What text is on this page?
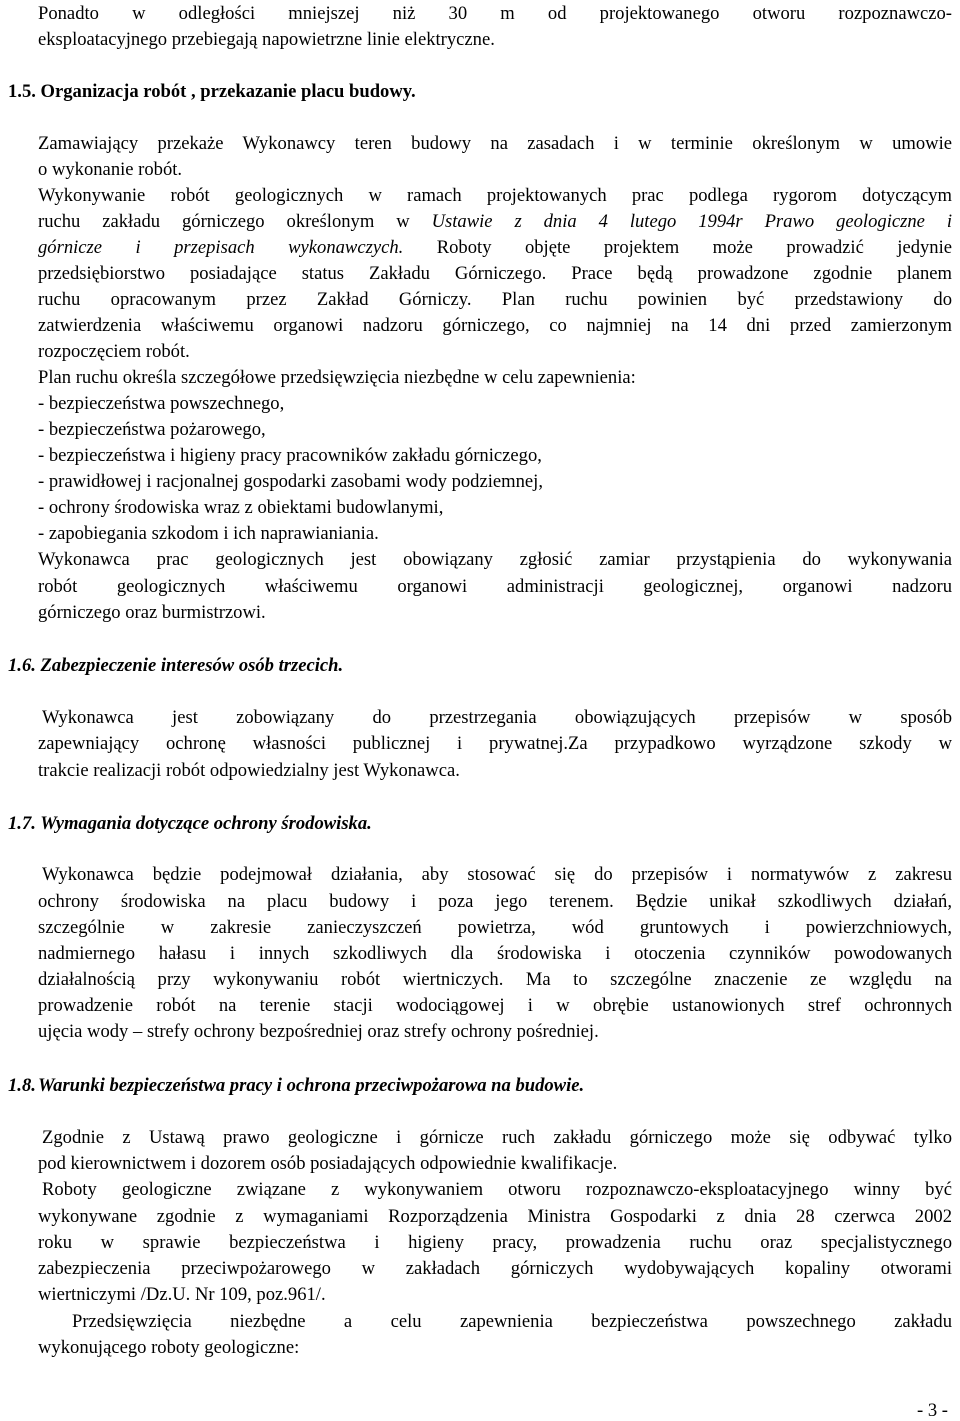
Ponadto w odległości mniejszej niż 30 m od projektowanego otworu rozpoznawczo-
eksploatacyjnego przebiegają napowietrzne linie elektryczne.
1.5. Organizacja robót , przekazanie placu budowy.
Zamawiający przekaże Wykonawcy teren budowy na zasadach i w terminie określonym w umowie
o wykonanie robót.
Wykonywanie robót geologicznych w ramach projektowanych prac podlega rygorom dotyczącym
ruchu zakładu górniczego określonym w Ustawie z dnia 4 lutego 1994r Prawo geologiczne i
górnicze i przepisach wykonawczych. Roboty objęte projektem może prowadzić jedynie
przedsiębiorstwo posiadające status Zakładu Górniczego. Prace będą prowadzone zgodnie planem
ruchu opracowanym przez Zakład Górniczy. Plan ruchu powinien być przedstawiony do
zatwierdzenia właściwemu organowi nadzoru górniczego, co najmniej na 14 dni przed zamierzonym
rozpoczęciem robót.
Plan ruchu określa szczegółowe przedsięwzięcia niezbędne w celu zapewnienia:
- bezpieczeństwa powszechnego,
- bezpieczeństwa pożarowego,
- bezpieczeństwa i higieny pracy pracowników zakładu górniczego,
- prawidłowej i racjonalnej gospodarki zasobami wody podziemnej,
- ochrony środowiska wraz z obiektami budowlanymi,
- zapobiegania szkodom i ich naprawianiania.
Wykonawca prac geologicznych jest obowiązany zgłosić zamiar przystąpienia do wykonywania
robót geologicznych właściwemu organowi administracji geologicznej, organowi nadzoru
górniczego oraz burmistrzowi.
1.6. Zabezpieczenie interesów osób trzecich.
Wykonawca jest zobowiązany do przestrzegania obowiązujących przepisów w sposób
zapewniający ochronę własności publicznej i prywatnej.Za przypadkowo wyrządzone szkody w
trakcie realizacji robót odpowiedzialny jest Wykonawca.
1.7. Wymagania dotyczące ochrony środowiska.
Wykonawca będzie podejmował działania, aby stosować się do przepisów i normatywów z zakresu
ochrony środowiska na placu budowy i poza jego terenem. Będzie unikał szkodliwych działań,
szczególnie w zakresie zanieczyszczeń powietrza, wód gruntowych i powierzchniowych,
nadmiernego hałasu i innych szkodliwych dla środowiska i otoczenia czynników powodowanych
działalnością przy wykonywaniu robót wiertniczych. Ma to szczególne znaczenie ze względu na
prowadzenie robót na terenie stacji wodociągowej i w obrębie ustanowionych stref ochronnych
ujęcia wody – strefy ochrony bezpośredniej oraz strefy ochrony pośredniej.
1.8. Warunki bezpieczeństwa pracy i ochrona przeciwpożarowa na budowie.
Zgodnie z Ustawą prawo geologiczne i górnicze ruch zakładu górniczego może się odbywać tylko
pod kierownictwem i dozorem osób posiadających odpowiednie kwalifikacje.
Roboty geologiczne związane z wykonywaniem otworu rozpoznawczo-eksploatacyjnego winny być
wykonywane zgodnie z wymaganiami Rozporządzenia Ministra Gospodarki z dnia 28 czerwca 2002
roku w sprawie bezpieczeństwa i higieny pracy, prowadzenia ruchu oraz specjalistycznego
zabezpieczenia przeciwpożarowego w zakładach górniczych wydobywających kopaliny otworami
wiertniczymi /Dz.U. Nr 109, poz.961/.
Przedsięwzięcia niezbędne a celu zapewnienia bezpieczeństwa powszechnego zakładu
wykonującego roboty geologiczne:
- 3 -
